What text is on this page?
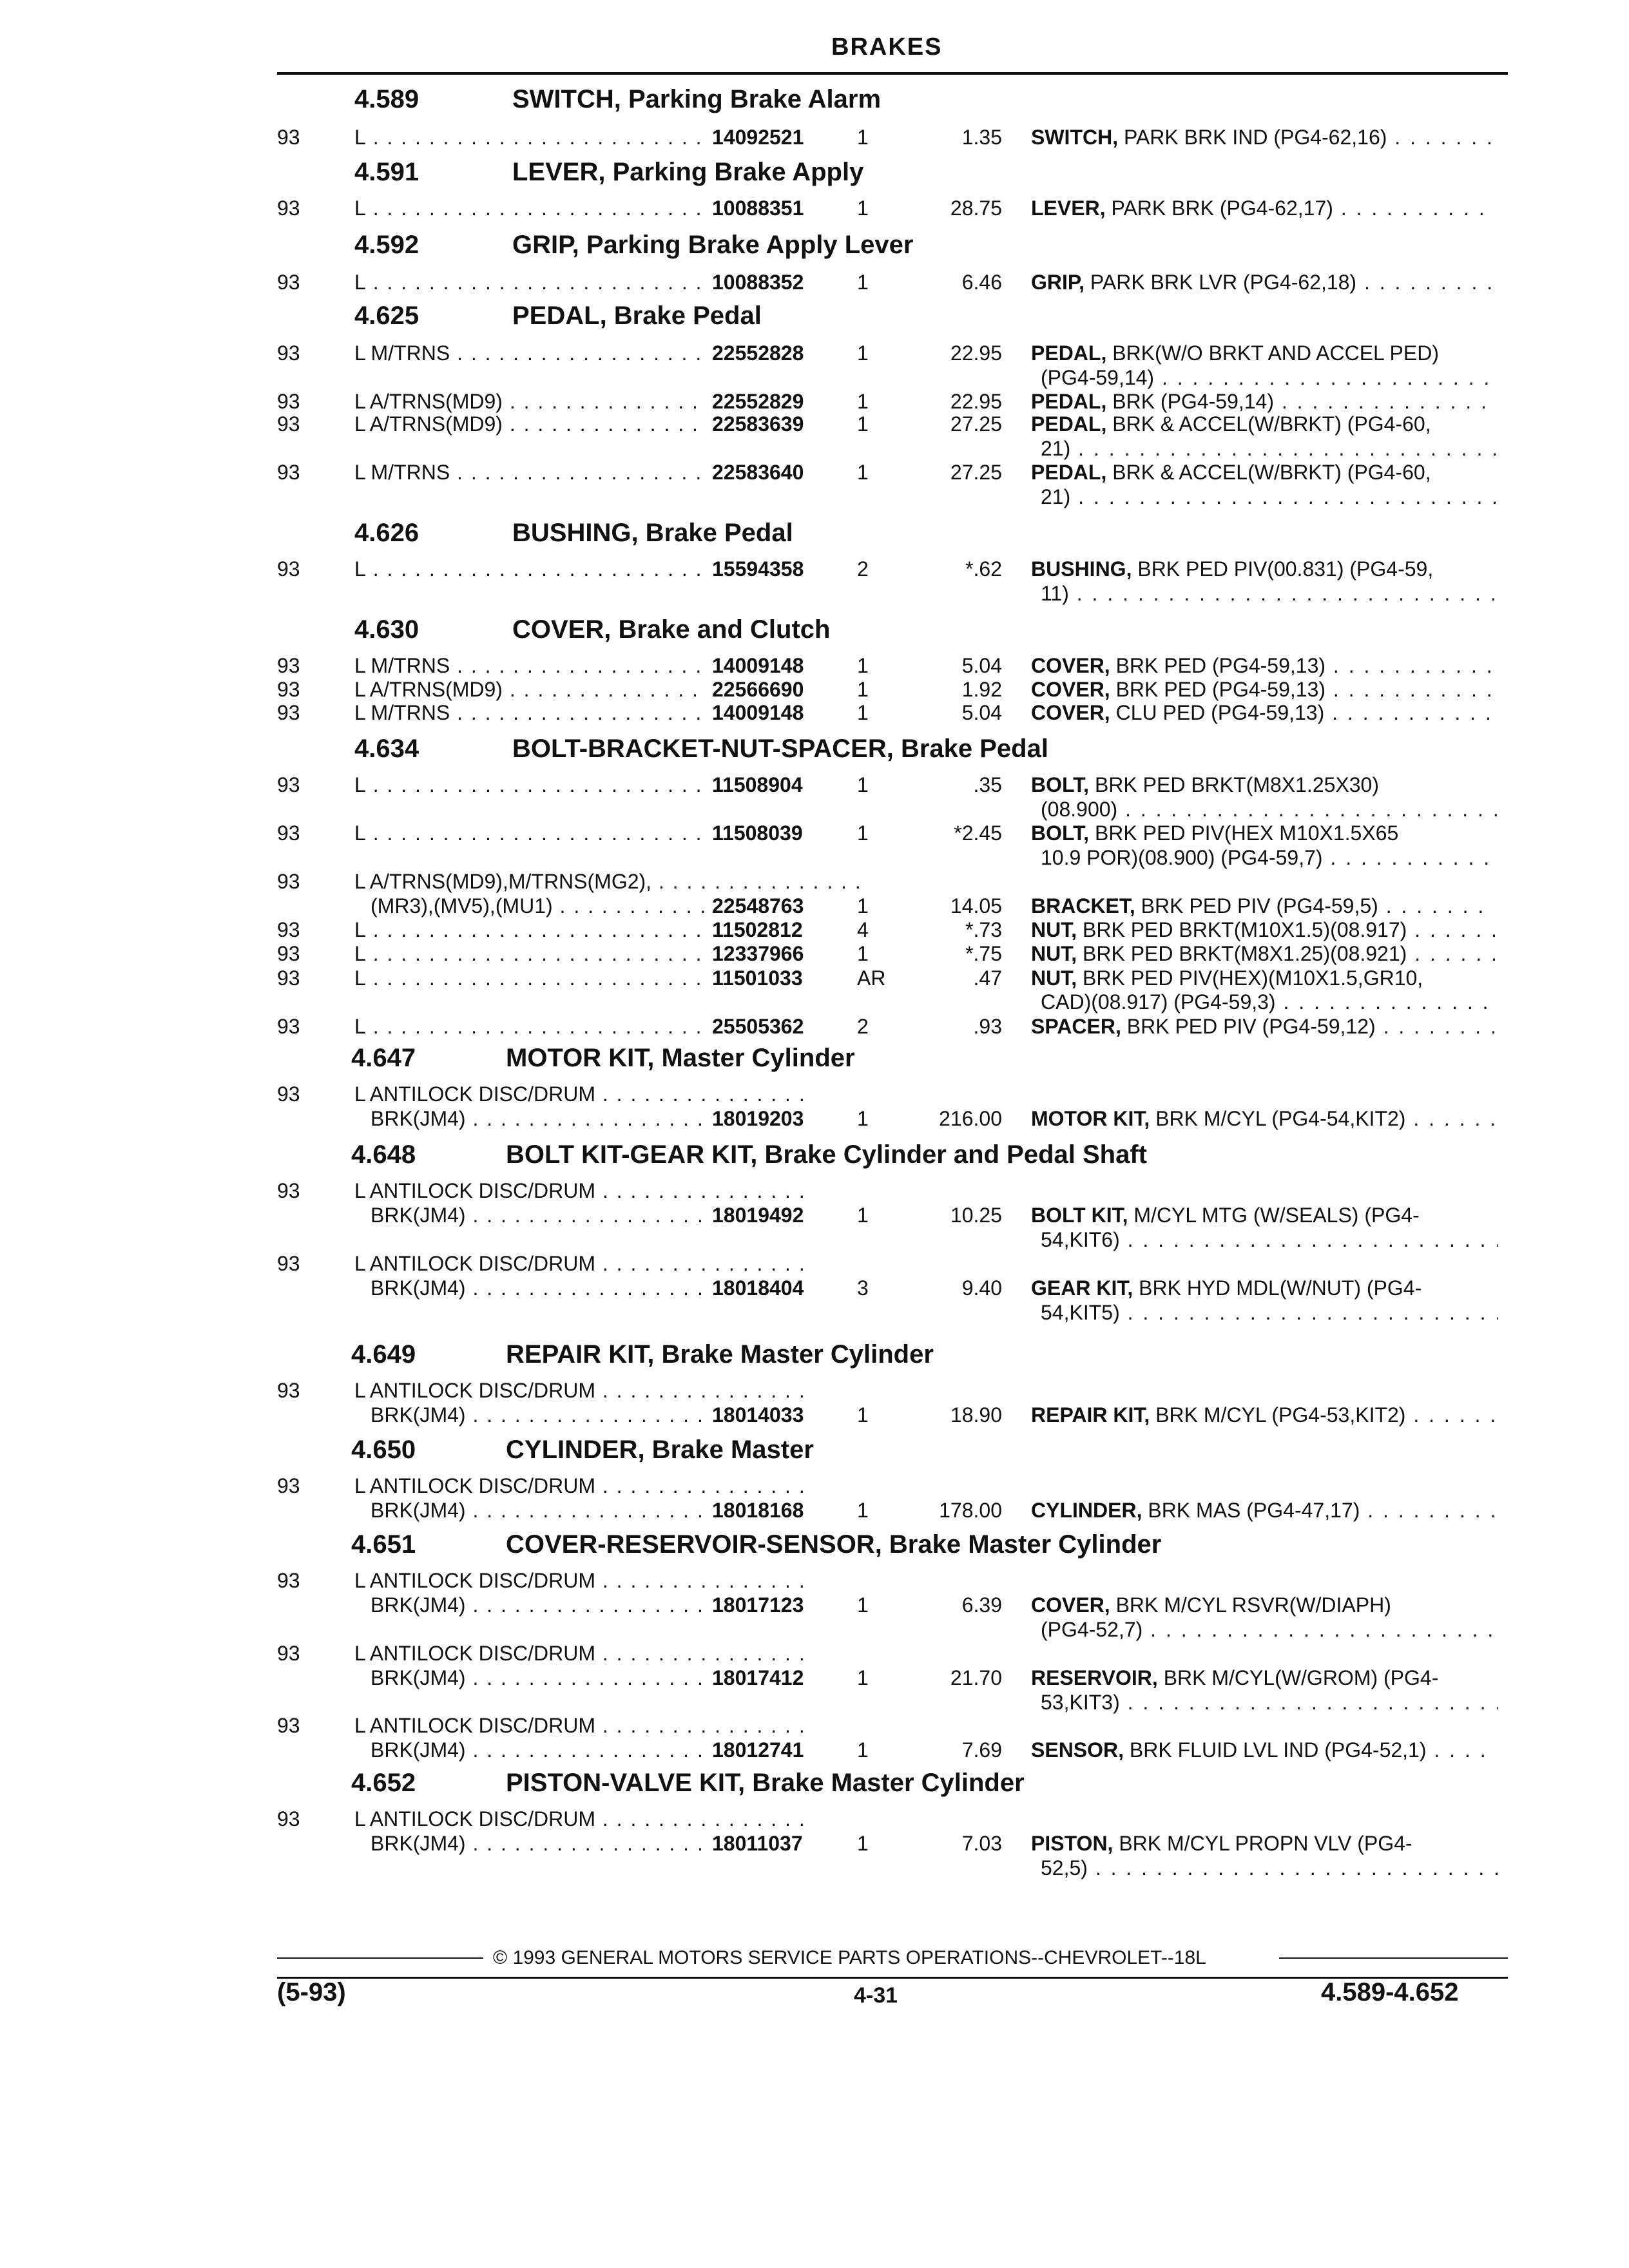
BRAKES
4.589	SWITCH, Parking Brake Alarm
93	L . . .	14092521	1	1.35 SWITCH, PARK BRK IND (PG4-62,16) . . .
4.591	LEVER, Parking Brake Apply
93	L . . .	10088351	1	28.75 LEVER, PARK BRK (PG4-62,17) . . .
4.592	GRIP, Parking Brake Apply Lever
93	L . . .	10088352	1	6.46 GRIP, PARK BRK LVR (PG4-62,18) . . .
4.625	PEDAL, Brake Pedal
93	L M/TRNS . . .	22552828	1	22.95 PEDAL, BRK(W/O BRKT AND ACCEL PED)
(PG4-59,14) . . .
93	L A/TRNS(MD9) . . .	22552829	1	22.95 PEDAL, BRK (PG4-59,14) . . .
93	L A/TRNS(MD9) . . .	22583639	1	27.25 PEDAL, BRK & ACCEL(W/BRKT) (PG4-60,
21) . . .
93	L M/TRNS . . .	22583640	1	27.25 PEDAL, BRK & ACCEL(W/BRKT) (PG4-60,
21) . . .
4.626	BUSHING, Brake Pedal
93	L . . .	15594358	2	*.62 BUSHING, BRK PED PIV(00.831) (PG4-59,
11) . . .
4.630	COVER, Brake and Clutch
93	L M/TRNS . . .	14009148	1	5.04 COVER, BRK PED (PG4-59,13) . . .
93	L A/TRNS(MD9) . . .	22566690	1	1.92 COVER, BRK PED (PG4-59,13) . . .
93	L M/TRNS . . .	14009148	1	5.04 COVER, CLU PED (PG4-59,13) . . .
4.634	BOLT-BRACKET-NUT-SPACER, Brake Pedal
93	L . . .	11508904	1	.35 BOLT, BRK PED BRKT(M8X1.25X30)
(08.900) . . .
93	L . . .	11508039	1	*2.45 BOLT, BRK PED PIV(HEX M10X1.5X65
10.9 POR)(08.900) (PG4-59,7) . . .
93	L A/TRNS(MD9),M/TRNS(MG2), . . .
(MR3),(MV5),(MU1) . . .	22548763	1	14.05 BRACKET, BRK PED PIV (PG4-59,5) . . .
93	L . . .	11502812	4	*.73 NUT, BRK PED BRKT(M10X1.5)(08.917) . . .
93	L . . .	12337966	1	*.75 NUT, BRK PED BRKT(M8X1.25)(08.921) . . .
93	L . . .	11501033	AR	.47 NUT, BRK PED PIV(HEX)(M10X1.5,GR10,
CAD)(08.917) (PG4-59,3) . . .
93	L . . .	25505362	2	.93 SPACER, BRK PED PIV (PG4-59,12) . . .
4.647	MOTOR KIT, Master Cylinder
93	L ANTILOCK DISC/DRUM . . .
BRK(JM4) . . .	18019203	1	216.00 MOTOR KIT, BRK M/CYL (PG4-54,KIT2) . . .
4.648	BOLT KIT-GEAR KIT, Brake Cylinder and Pedal Shaft
93	L ANTILOCK DISC/DRUM . . .
BRK(JM4) . . .	18019492	1	10.25 BOLT KIT, M/CYL MTG (W/SEALS) (PG4-
54,KIT6) . . .
93	L ANTILOCK DISC/DRUM . . .
BRK(JM4) . . .	18018404	3	9.40 GEAR KIT, BRK HYD MDL(W/NUT) (PG4-
54,KIT5) . . .
4.649	REPAIR KIT, Brake Master Cylinder
93	L ANTILOCK DISC/DRUM . . .
BRK(JM4) . . .	18014033	1	18.90 REPAIR KIT, BRK M/CYL (PG4-53,KIT2) . . .
4.650	CYLINDER, Brake Master
93	L ANTILOCK DISC/DRUM . . .
BRK(JM4) . . .	18018168	1	178.00 CYLINDER, BRK MAS (PG4-47,17) . . .
4.651	COVER-RESERVOIR-SENSOR, Brake Master Cylinder
93	L ANTILOCK DISC/DRUM . . .
BRK(JM4) . . .	18017123	1	6.39 COVER, BRK M/CYL RSVR(W/DIAPH)
(PG4-52,7) . . .
93	L ANTILOCK DISC/DRUM . . .
BRK(JM4) . . .	18017412	1	21.70 RESERVOIR, BRK M/CYL(W/GROM) (PG4-
53,KIT3) . . .
93	L ANTILOCK DISC/DRUM . . .
BRK(JM4) . . .	18012741	1	7.69 SENSOR, BRK FLUID LVL IND (PG4-52,1) . . .
4.652	PISTON-VALVE KIT, Brake Master Cylinder
93	L ANTILOCK DISC/DRUM . . .
BRK(JM4) . . .	18011037	1	7.03 PISTON, BRK M/CYL PROPN VLV (PG4-
52,5) . . .
© 1993 GENERAL MOTORS SERVICE PARTS OPERATIONS--CHEVROLET--18L
(5-93)	4-31	4.589-4.652
